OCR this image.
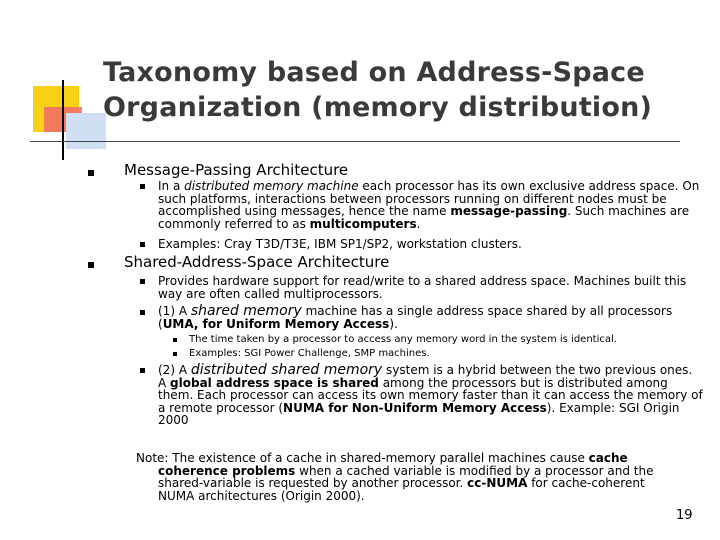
Taxonomy based on Address-Space
Organization (memory distribution)
Message-Passing Architecture
In a distributed memory machine each processor has its own exclusive address space. On such platforms, interactions between processors running on different nodes must be accomplished using messages, hence the name message-passing. Such machines are commonly referred to as multicomputers.
Examples: Cray T3D/T3E, IBM SP1/SP2, workstation clusters.
Shared-Address-Space Architecture
Provides hardware support for read/write to a shared address space. Machines built this way are often called multiprocessors.
(1) A shared memory machine has a single address space shared by all processors (UMA, for Uniform Memory Access).
The time taken by a processor to access any memory word in the system is identical.
Examples: SGI Power Challenge, SMP machines.
(2) A distributed shared memory system is a hybrid between the two previous ones. A global address space is shared among the processors but is distributed among them. Each processor can access its own memory faster than it can access the memory of a remote processor (NUMA for Non-Uniform Memory Access). Example: SGI Origin 2000
Note: The existence of a cache in shared-memory parallel machines cause cache coherence problems when a cached variable is modified by a processor and the shared-variable is requested by another processor. cc-NUMA for cache-coherent NUMA architectures (Origin 2000).
19
